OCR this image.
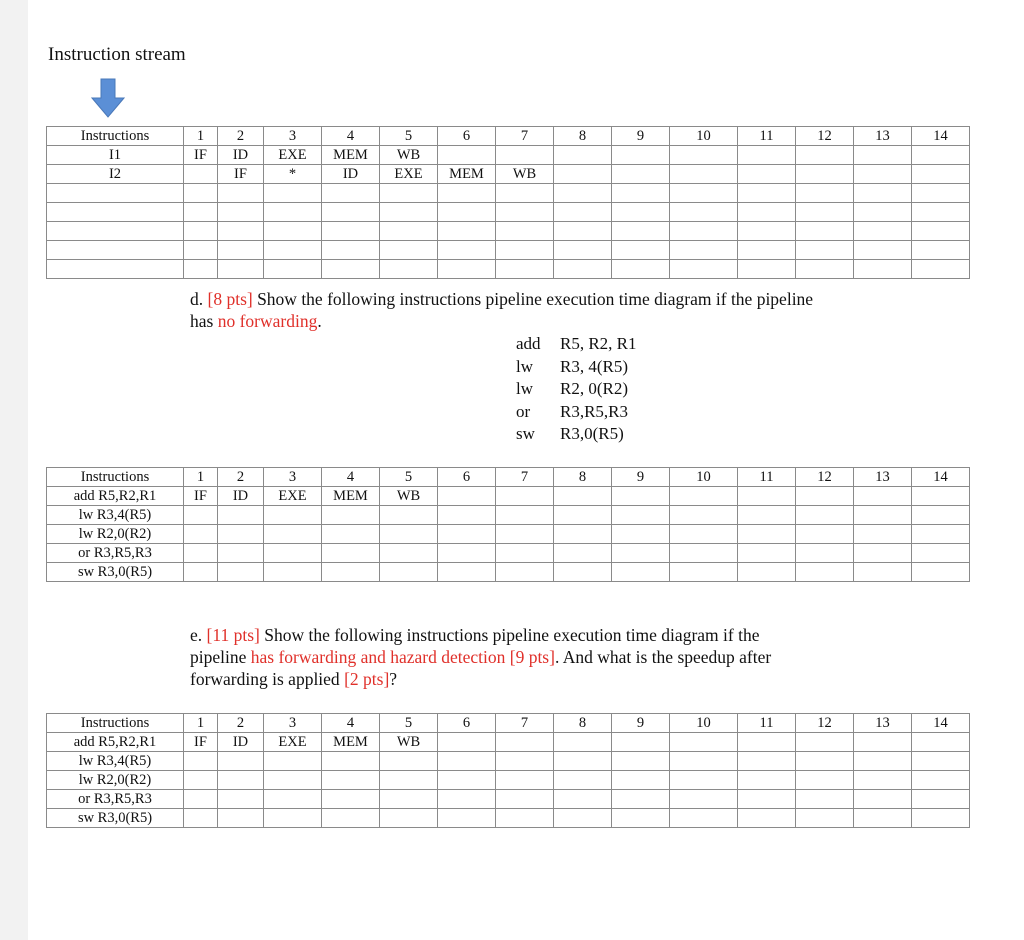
Instruction stream
Instructions	1	2	3	4	5	6	7	8	9	10	11	12	13	14
I1	IF	ID	EXE	MEM	WB									
I2		IF	*	ID	EXE	MEM	WB							

d. [8 pts] Show the following instructions pipeline execution time diagram if the pipeline
has no forwarding.
add R5, R2, R1
lw R3, 4(R5)
lw R2, 0(R2)
or R3,R5,R3
sw R3,0(R5)
Instructions	1	2	3	4	5	6	7	8	9	10	11	12	13	14
add R5,R2,R1	IF	ID	EXE	MEM	WB									
lw R3,4(R5)														
lw R2,0(R2)														
or R3,R5,R3														
sw R3,0(R5)														
e. [11 pts] Show the following instructions pipeline execution time diagram if the
pipeline has forwarding and hazard detection [9 pts]. And what is the speedup after
forwarding is applied [2 pts]?
Instructions	1	2	3	4	5	6	7	8	9	10	11	12	13	14
add R5,R2,R1	IF	ID	EXE	MEM	WB									
lw R3,4(R5)														
lw R2,0(R2)														
or R3,R5,R3														
sw R3,0(R5)														
